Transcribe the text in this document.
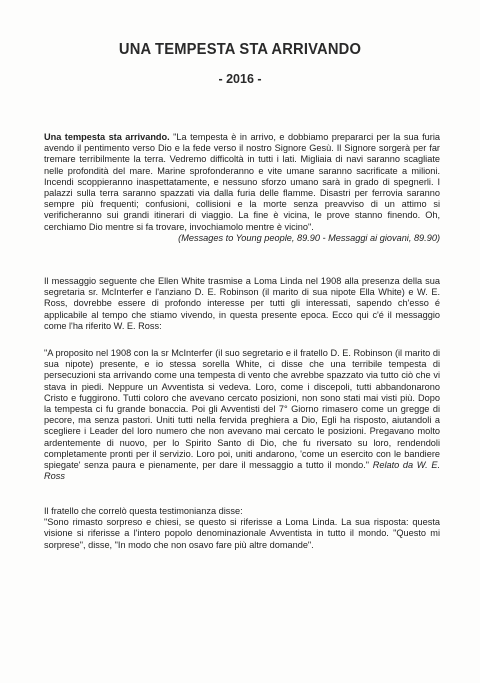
UNA TEMPESTA STA ARRIVANDO
- 2016 -
Una tempesta sta arrivando. "La tempesta è in arrivo, e dobbiamo prepararci per la sua furia avendo il pentimento verso Dio e la fede verso il nostro Signore Gesù. Il Signore sorgerà per far tremare terribilmente la terra. Vedremo difficoltà in tutti i lati. Migliaia di navi saranno scagliate nelle profondità del mare. Marine sprofonderanno e vite umane saranno sacrificate a milioni. Incendi scoppieranno inaspettatamente, e nessuno sforzo umano sarà in grado di spegnerli. I palazzi sulla terra saranno spazzati via dalla furia delle flamme. Disastri per ferrovia saranno sempre più frequenti; confusioni, collisioni e la morte senza preavviso di un attimo si verificheranno sui grandi itinerari di viaggio. La fine è vicina, le prove stanno finendo. Oh, cerchiamo Dio mentre si fa trovare, invochiamolo mentre è vicino".
(Messages to Young people, 89.90 - Messaggi ai giovani, 89.90)
Il messaggio seguente che Ellen White trasmise a Loma Linda nel 1908 alla presenza della sua segretaria sr. McInterfer e l'anziano D. E. Robinson (il marito di sua nipote Ella White) e W. E. Ross, dovrebbe essere di profondo interesse per tutti gli interessati, sapendo ch'esso é applicabile al tempo che stiamo vivendo, in questa presente epoca. Ecco qui c'é il messaggio come l'ha riferito W. E. Ross:
"A proposito nel 1908 con la sr McInterfer (il suo segretario e il fratello D. E. Robinson (il marito di sua nipote) presente, e io stessa sorella White, ci disse che una terribile tempesta di persecuzioni sta arrivando come una tempesta di vento che avrebbe spazzato via tutto ciò che vi stava in piedi. Neppure un Avventista si vedeva. Loro, come i discepoli, tutti abbandonarono Cristo e fuggirono. Tutti coloro che avevano cercato posizioni, non sono stati mai visti più. Dopo la tempesta ci fu grande bonaccia. Poi gli Avventisti del 7° Giorno rimasero come un gregge di pecore, ma senza pastori. Uniti tutti nella fervida preghiera a Dio, Egli ha risposto, aiutandoli a scegliere i Leader del loro numero che non avevano mai cercato le posizioni. Pregavano molto ardentemente di nuovo, per lo Spirito Santo di Dio, che fu riversato su loro, rendendoli completamente pronti per il servizio. Loro poi, uniti andarono, 'come un esercito con le bandiere spiegate' senza paura e pienamente, per dare il messaggio a tutto il mondo." Relato da W. E. Ross
Il fratello che correlò questa testimonianza disse:
"Sono rimasto sorpreso e chiesi, se questo si riferisse a Loma Linda. La sua risposta: questa visione si riferisse a l'intero popolo denominazionale Avventista in tutto il mondo. "Questo mi sorprese", disse, "In modo che non osavo fare più altre domande".
